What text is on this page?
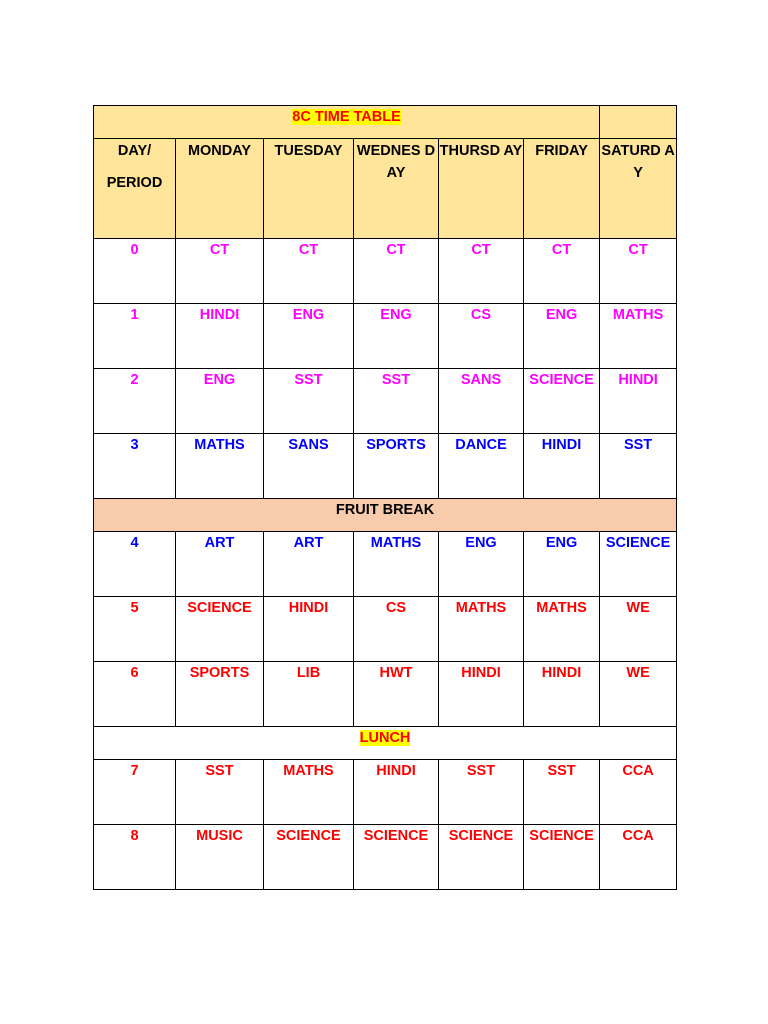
8C TIME TABLE						

DAY/
PERIOD	MONDAY	TUESDAY	WEDNES DAY	THURSD AY	FRIDAY	SATURD AY
0	CT	CT	CT	CT	CT	CT
1	HINDI	ENG	ENG	CS	ENG	MATHS
2	ENG	SST	SST	SANS	SCIENCE	HINDI
3	MATHS	SANS	SPORTS	DANCE	HINDI	SST
FRUIT BREAK						
4	ART	ART	MATHS	ENG	ENG	SCIENCE
5	SCIENCE	HINDI	CS	MATHS	MATHS	WE
6	SPORTS	LIB	HWT	HINDI	HINDI	WE
LUNCH						
7	SST	MATHS	HINDI	SST	SST	CCA
8	MUSIC	SCIENCE	SCIENCE	SCIENCE	SCIENCE	CCA
